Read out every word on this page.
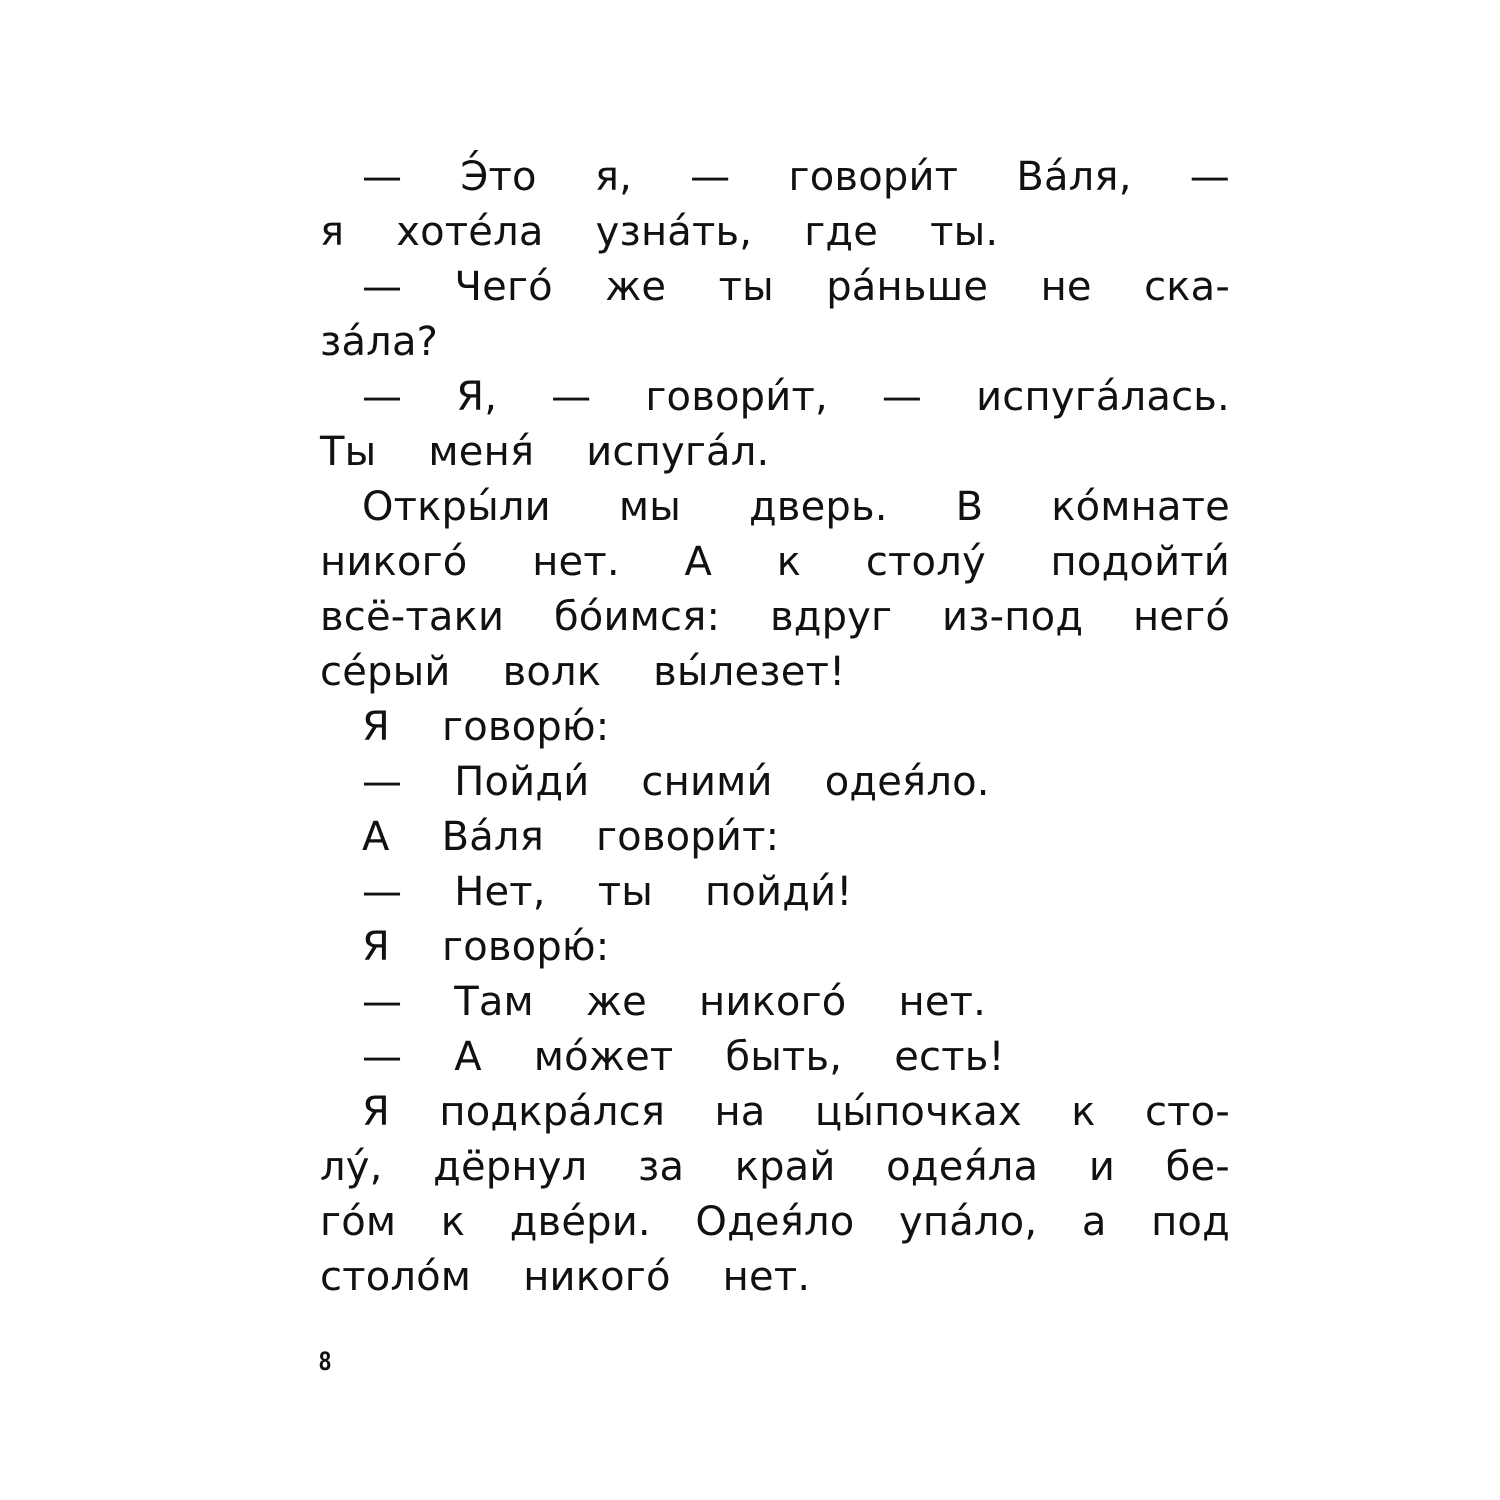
— Э́то я, — говори́т Ва́ля, —
я хоте́ла узна́ть, где ты.
— Чего́ же ты ра́ньше не ска-
за́ла?
— Я, — говори́т, — испуга́лась.
Ты меня́ испуга́л.
Откры́ли мы дверь. В ко́мнате
никого́ нет. А к столу́ подойти́
всё-таки бо́имся: вдруг из-под него́
се́рый волк вы́лезет!
Я говорю́:
— Пойди́ сними́ одея́ло.
А Ва́ля говори́т:
— Нет, ты пойди́!
Я говорю́:
— Там же никого́ нет.
— А мо́жет быть, есть!
Я подкра́лся на цы́почках к сто-
лу́, дёрнул за край одея́ла и бе-
го́м к две́ри. Одея́ло упа́ло, а под
столо́м никого́ нет.
8
